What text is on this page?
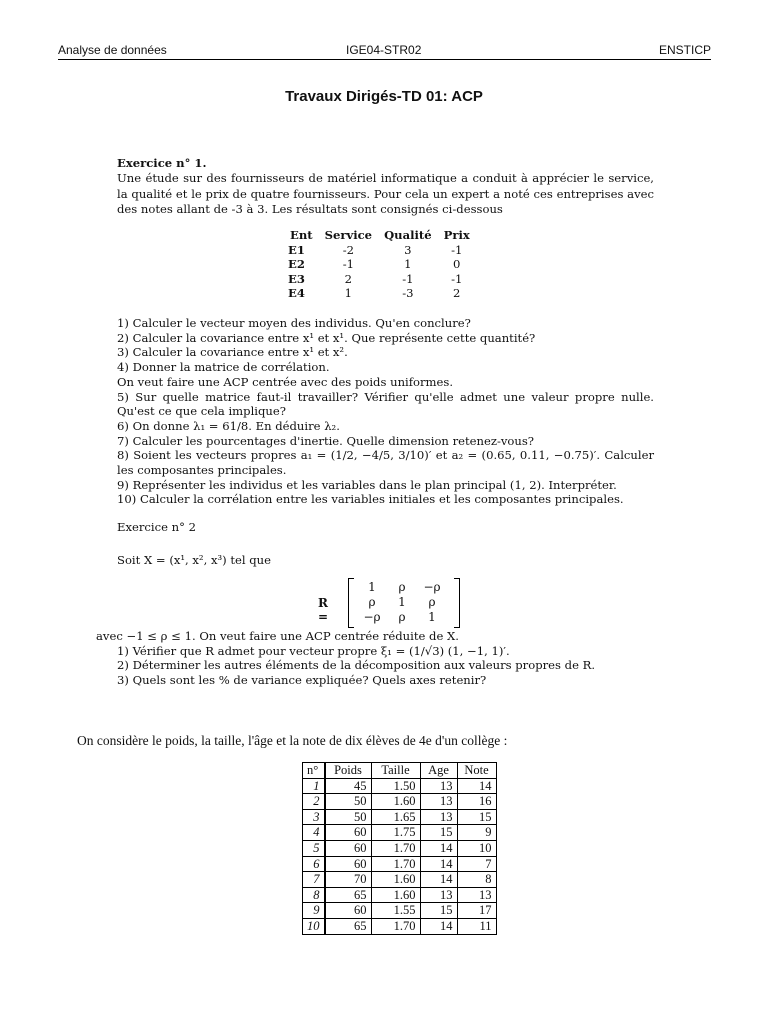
Analyse de données	IGE04-STR02	ENSTICP
Travaux Dirigés-TD 01: ACP

Exercice n° 1.

Une étude sur des fournisseurs de matériel informatique a conduit à apprécier le service, la qualité et le prix de quatre fournisseurs. Pour cela un expert a noté ces entreprises avec des notes allant de -3 à 3. Les résultats sont consignés ci-dessous

Ent	Service	Qualité	Prix
E1	-2	3	-1
E2	-1	1	0
E3	2	-1	-1
E4	1	-3	2
1) Calculer le vecteur moyen des individus. Qu'en conclure?
2) Calculer la covariance entre x¹ et x¹. Que représente cette quantité?
3) Calculer la covariance entre x¹ et x².
4) Donner la matrice de corrélation.
On veut faire une ACP centrée avec des poids uniformes.
5) Sur quelle matrice faut-il travailler? Vérifier qu'elle admet une valeur propre nulle. Qu'est ce que cela implique?
6) On donne λ₁ = 61/8. En déduire λ₂.
7) Calculer les pourcentages d'inertie. Quelle dimension retenez-vous?
8) Soient les vecteurs propres a₁ = (1/2, −4/5, 3/10)′ et a₂ = (0.65, 0.11, −0.75)′. Calculer les composantes principales.
9) Représenter les individus et les variables dans le plan principal (1, 2). Interpréter.
10) Calculer la corrélation entre les variables initiales et les composantes principales.
Exercice n° 2
Soit X = (x¹, x², x³) tel que
R =
1	ρ	−ρ
ρ	1	ρ
−ρ	ρ	1
avec −1 ≤ ρ ≤ 1. On veut faire une ACP centrée réduite de X.
1) Vérifier que R admet pour vecteur propre ξ₁ = (1/√3) (1, −1, 1)′.
2) Déterminer les autres éléments de la décomposition aux valeurs propres de R.
3) Quels sont les % de variance expliquée? Quels axes retenir?
On considère le poids, la taille, l'âge et la note de dix élèves de 4e d'un collège :
n°	Poids	Taille	Age	Note
1	45	1.50	13	14
2	50	1.60	13	16
3	50	1.65	13	15
4	60	1.75	15	9
5	60	1.70	14	10
6	60	1.70	14	7
7	70	1.60	14	8
8	65	1.60	13	13
9	60	1.55	15	17
10	65	1.70	14	11
